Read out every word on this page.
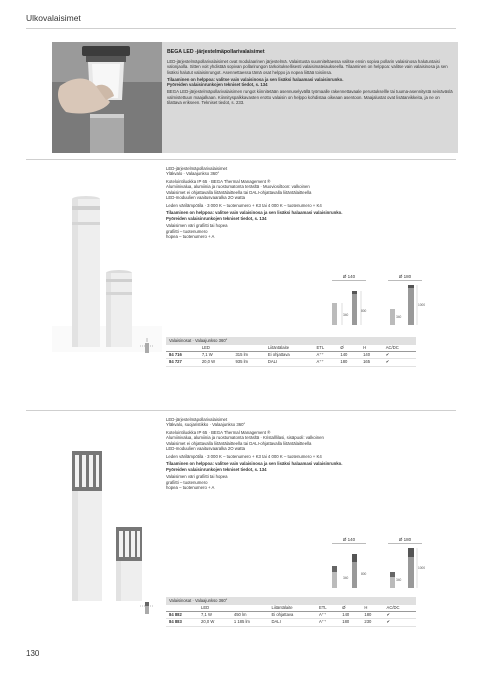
Ulkovalaisimet
BEGA LED -järjestelmäpollarivalaisimet

LED-järjestelmäpollarivalaisimet ovat modulaarinen järjestelmä. Valaistusta suunniteltaessa valitse ensin sopiva pollarin valaisinosa halutuntaisi valonjaolla. Sitten voit yhdistää sopivan pollarirungon tarkoituksellisesti valaisimateiaukseella. Tilaaminen on helppoa: valitse vain valaisinosa ja sen lisäksi halutut valaisinrungot. Asennettaessa tämä osat helppo ja nopea liittää toisiinsa.

Tilaaminen on helppoa: valitse vain valaisinosa ja sen lisäksi halaamasi valaisinrunko.

Pyöreiden valaisinrunkojen tekniset tiedot, s. 134

BEGA LED-järjestelmäpollarivalaisimen rungot kiinnitetään asennuselyvällä työmaalle rakennettavaale perustuksellle tai tuuma-asennitystä seinäväslä valmistettuun maajalkaan. Kiinnityspalkkavasten erotto valaisin on helppo kohdistaa oikeaan asentoon. Maajalustat ovat lisätarvikkeita, ja ne on tilattava erikseen. Tekniset tiedot, s. 233.

LED-järjestelmäpollarivalaisimet

Yläkvalo · Valaajunkso 360°

Kotelointiluokka IP 65 · BEGA Thermal Management ®

Alumiinivalua, alumiinia ja ruostumatonta teräsltä · Muoviosiltoon: valkoinen

Valaisimet ei ohjattavalla liitäntälaitteella tai DALI-ohjattavalla liitäntälaitteella

LED-moduulien vaaitusvaaralka 2O watta

Leden värilämpötila · 3 000 K – tuotenumero + K3 tai 4 000 K – tuotenumero + K4

Tilaaminen on helppoa: valitse vain valaisinosa ja sen lisäksi halaamasi valaisinrunko.

Pyöreiden valaisinrunkojen tekniset tiedot, s. 134

Valaisimen väri grafiitti tai hopea

grafiitti – tuotenumero

hopea – tuotenumero + A

Ø 140	Ø 180
340
800
340
1000
Valaisinosat · Valaajunkso 360°
	LED		Liitäntälaite	ETL	Ø	H	AC/DC
84 716	7,1 W	315 lm	Ei ohjattava	A⁺⁺	140	140	✔
84 727	20,0 W	935 lm	DALI	A⁺⁺	180	165	✔

LED-järjestelmäpollarivalaisimet

Yläkvalo, suojaristikko · Valaajunkso 360°

Kotelointiluokka IP 65 · BEGA Thermal Management ®

Alumiinivalua, alumiinia ja ruostumatonta teräsltä · Kristalllilasi, sisäpuoli: valkoinen

Valaisimet ei ohjattavalla liitäntälaitteella tai DALI-ohjattavalla liitäntälaitteella

LED-moduulien vaaitusvaaralka 2O watta

Leden värilämpötila · 3 000 K – tuotenumero + K3 tai 4 000 K – tuotenumero + K4

Tilaaminen on helppoa: valitse vain valaisinosa ja sen lisäksi halaamasi valaisinrunko.

Pyöreiden valaisinrunkojen tekniset tiedot, s. 134

Valaisimen väri grafiitti tai hopea

grafiitti – tuotenumero

hopea – tuotenumero + A

Ø 140	Ø 180
340
800
340
1000
Valaisinosat · Valaajunkso 360°
	LED		Liitäntälaite	ETL	Ø	H	AC/DC
84 882	7,1 W	450 lm	Ei ohjattava	A⁺⁺	140	180	✔
84 883	20,0 W	1 185 lm	DALI	A⁺⁺	180	230	✔
130
